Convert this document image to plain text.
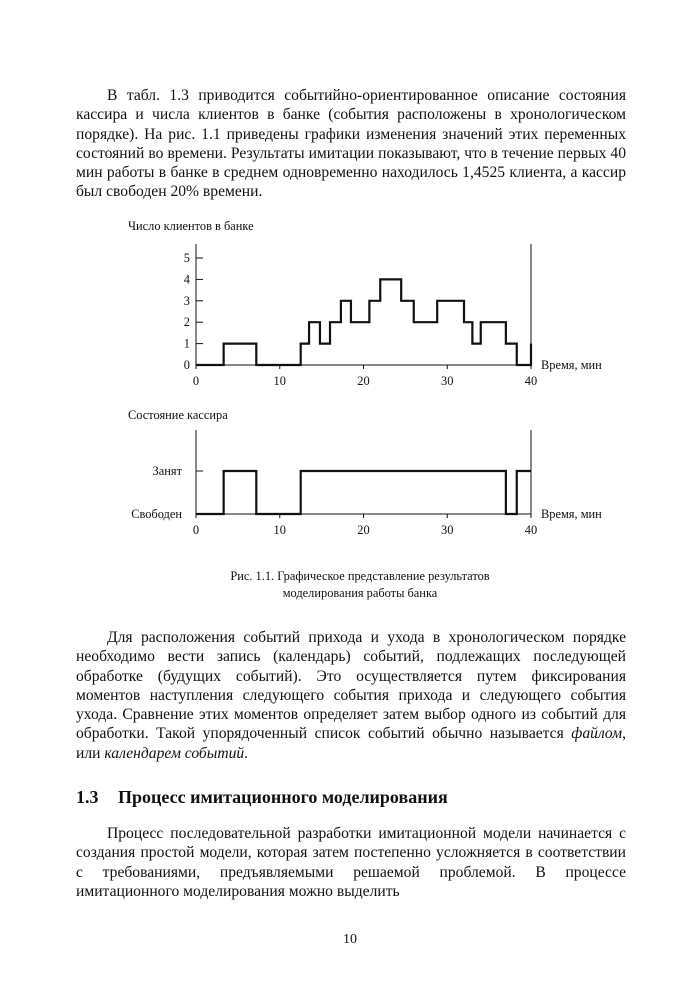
В табл. 1.3 приводится событийно-ориентированное описание состояния кассира и числа клиентов в банке (события расположены в хронологическом порядке). На рис. 1.1 приведены графики изменения значений этих переменных состояний во времени. Результаты имитации показывают, что в течение первых 40 мин работы в банке в среднем одновременно находилось 1,4525 клиента, а кассир был свободен 20% времени.

Число клиентов в банке
0	10	20	30	40
0
1
2
3
4
5
Время, мин
Состояние кассира
0	10	20	30	40
Свободен
Занят
Время, мин
Рис. 1.1. Графическое представление результатов
моделирования работы банка

Для расположения событий прихода и ухода в хронологическом порядке необходимо вести запись (календарь) событий, подлежащих последующей обработке (будущих событий). Это осуществляется путем фиксирования моментов наступления следующего события прихода и следующего события ухода. Сравнение этих моментов определяет затем выбор одного из событий для обработки. Такой упорядоченный список событий обычно называется файлом, или календарем событий.

1.3 Процесс имитационного моделирования

Процесс последовательной разработки имитационной модели начинается с создания простой модели, которая затем постепенно усложняется в соответствии с требованиями, предъявляемыми решаемой проблемой. В процессе имитационного моделирования можно выделить

10
